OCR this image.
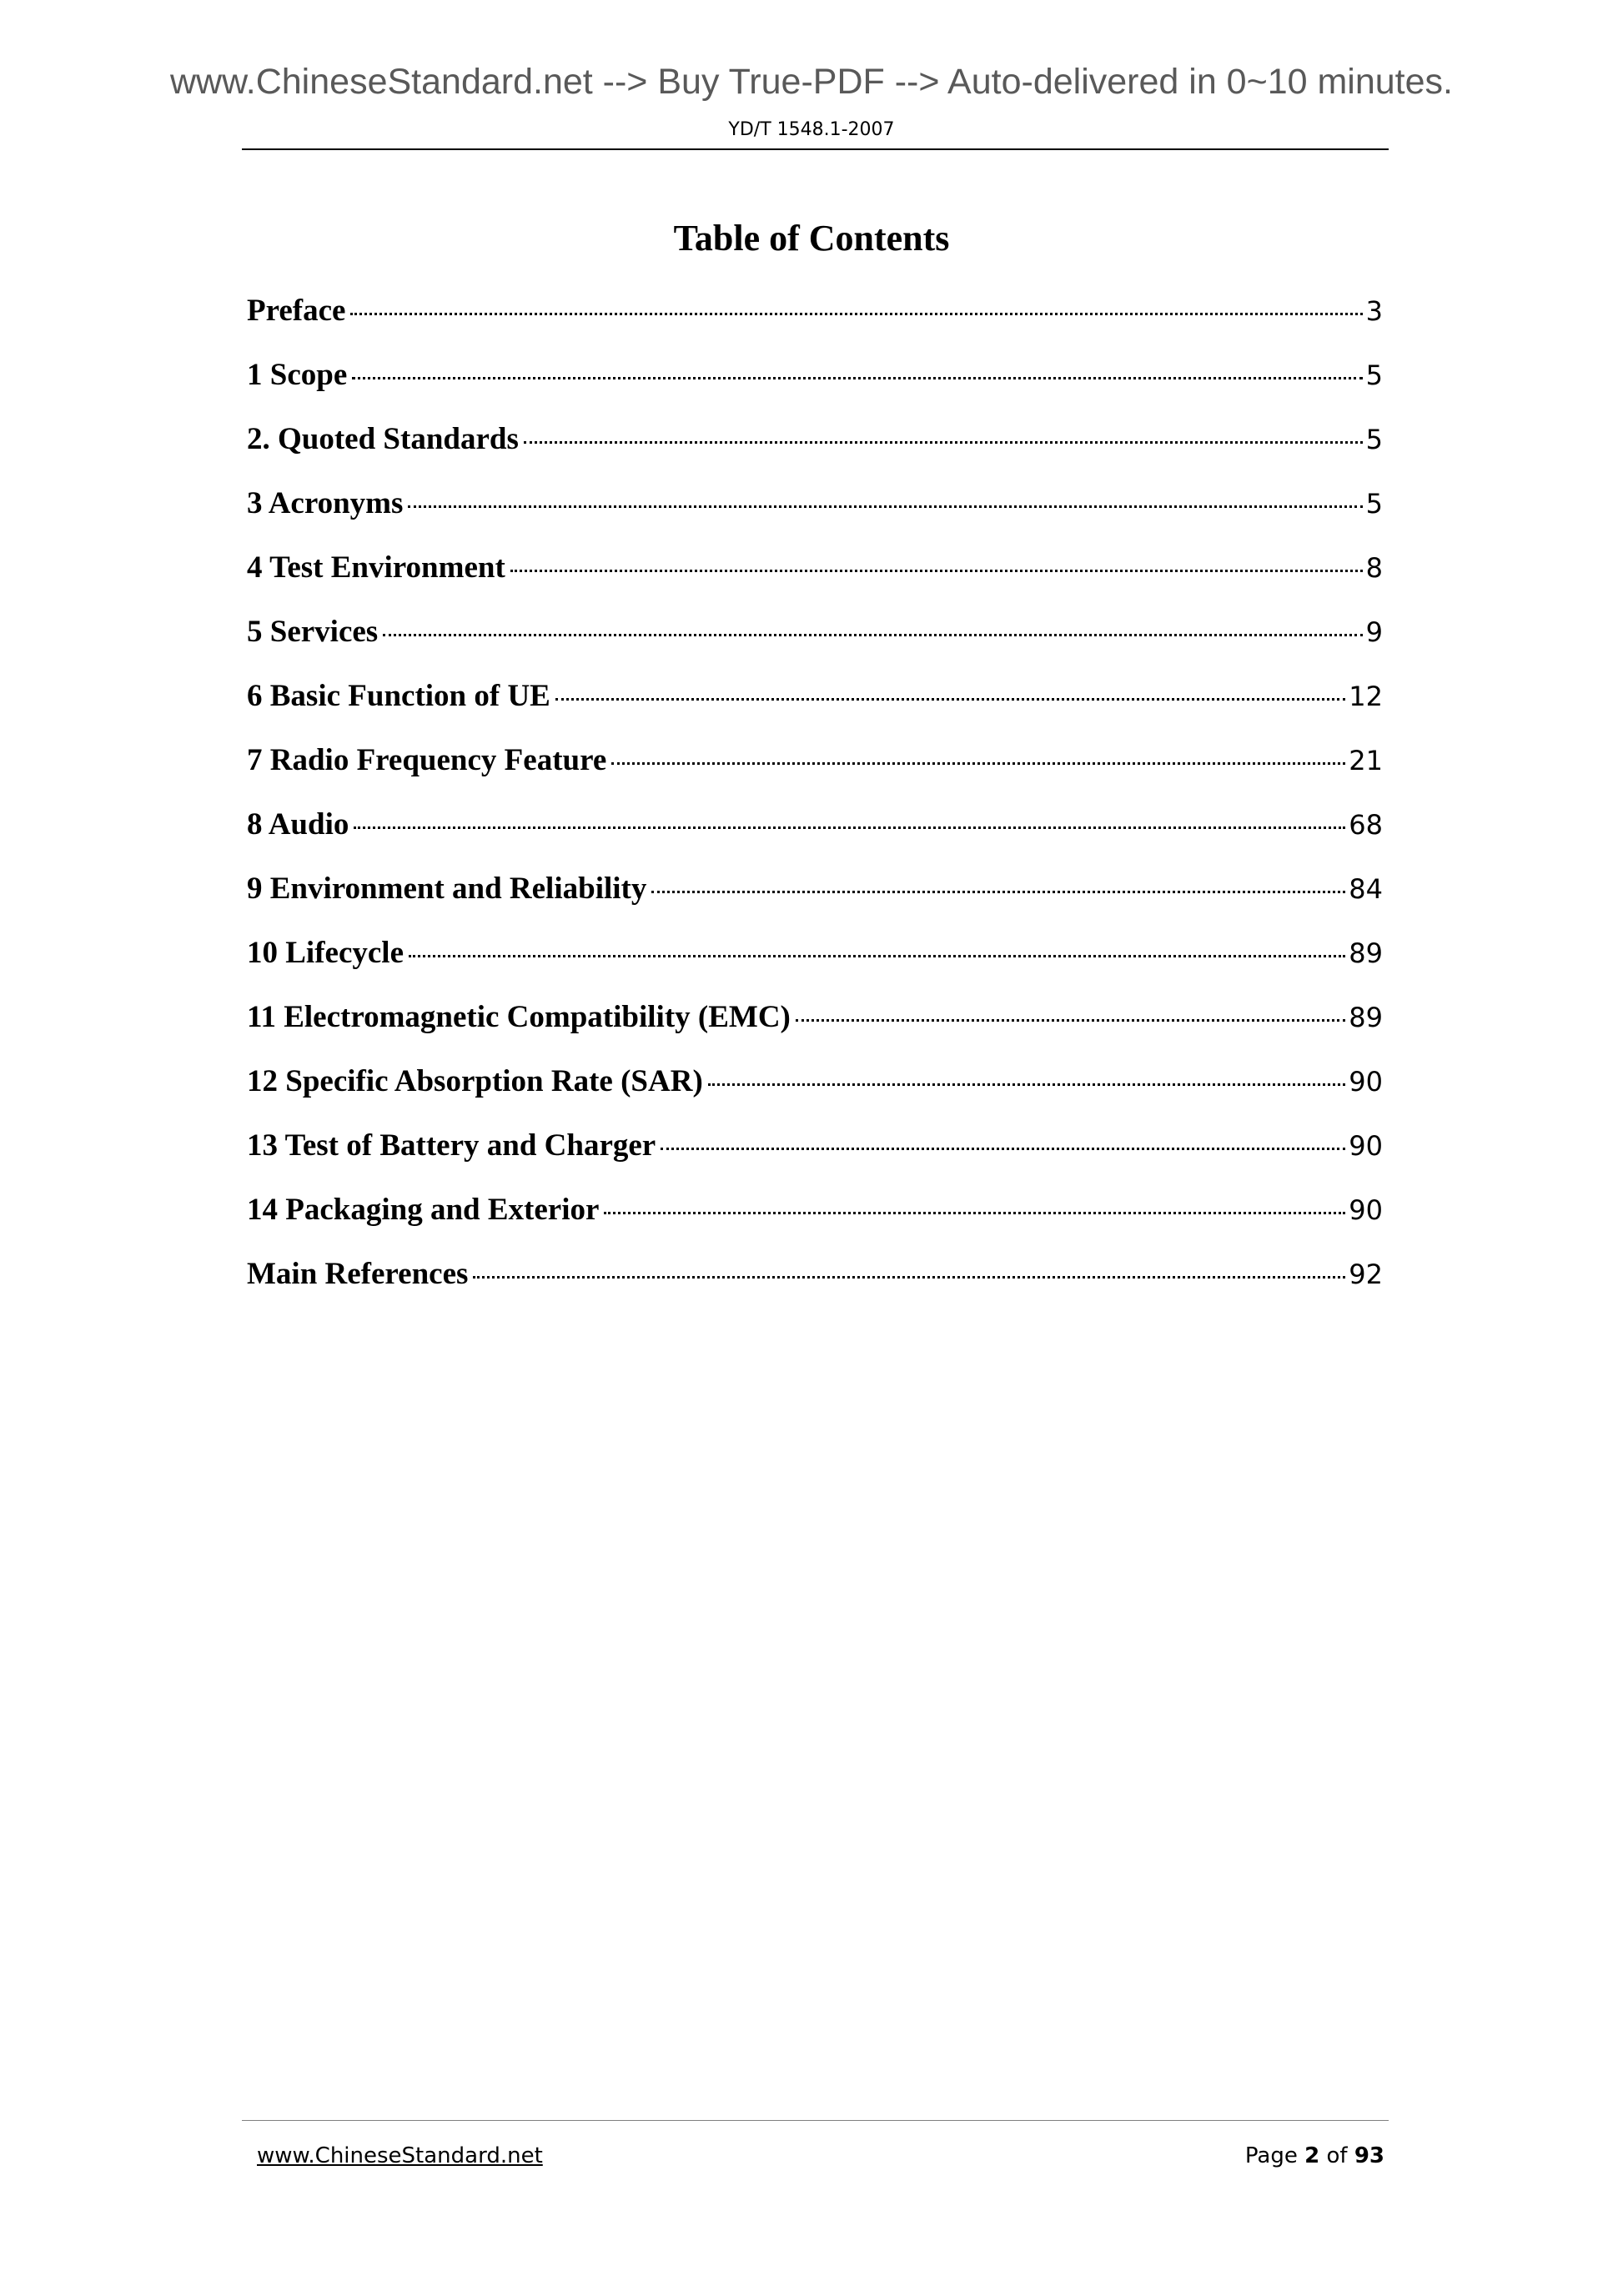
www.ChineseStandard.net --> Buy True-PDF --> Auto-delivered in 0~10 minutes.
YD/T 1548.1-2007
Table of Contents
Preface	3
1 Scope	5
2. Quoted Standards	5
3 Acronyms	5
4 Test Environment	8
5 Services	9
6 Basic Function of UE	12
7 Radio Frequency Feature	21
8 Audio	68
9 Environment and Reliability	84
10 Lifecycle	89
11 Electromagnetic Compatibility (EMC)	89
12 Specific Absorption Rate (SAR)	90
13 Test of Battery and Charger	90
14 Packaging and Exterior	90
Main References	92
www.ChineseStandard.net	Page 2 of 93
